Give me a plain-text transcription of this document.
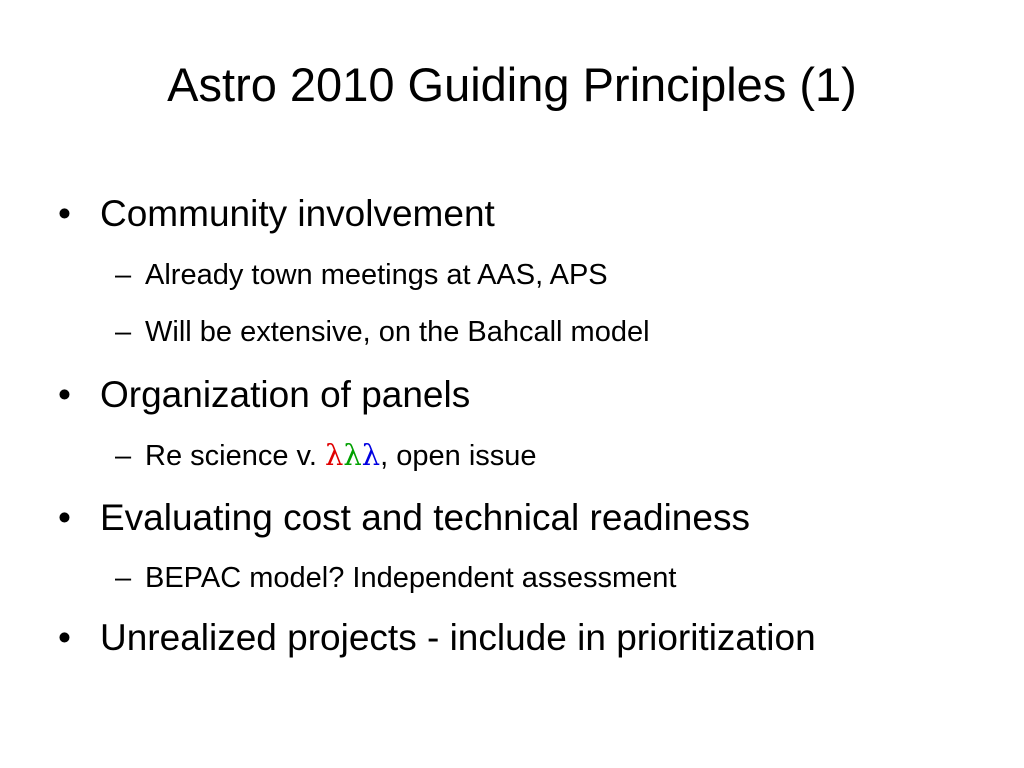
Astro 2010 Guiding Principles (1)
• Community involvement
– Already town meetings at AAS, APS
– Will be extensive, on the Bahcall model
• Organization of panels
– Re science v. λλλ, open issue
• Evaluating cost and technical readiness
– BEPAC model? Independent assessment
• Unrealized projects - include in prioritization
